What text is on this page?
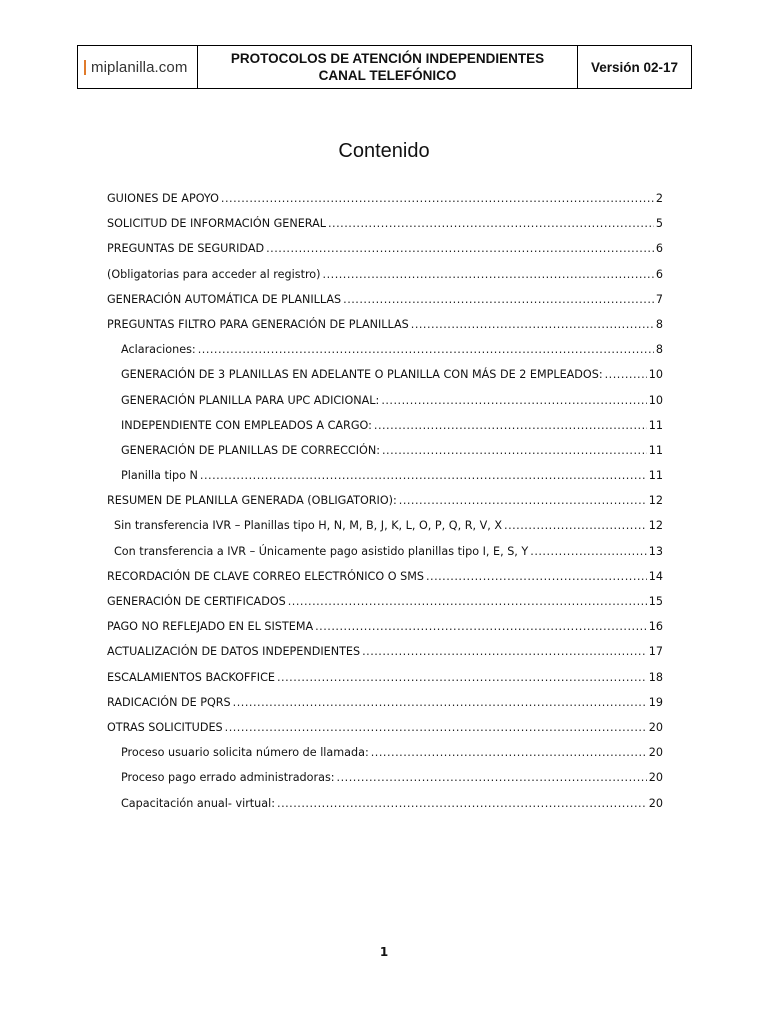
miplanilla.com	PROTOCOLOS DE ATENCIÓN INDEPENDIENTES
CANAL TELEFÓNICO
Versión 02-17
Contenido
GUIONES DE APOYO .....	2
SOLICITUD DE INFORMACIÓN GENERAL .....	5
PREGUNTAS DE SEGURIDAD .....	6
(Obligatorias para acceder al registro) .....	6
GENERACIÓN AUTOMÁTICA DE PLANILLAS .....	7
PREGUNTAS FILTRO PARA GENERACIÓN DE PLANILLAS .....	8
Aclaraciones: .....	8
GENERACIÓN DE 3 PLANILLAS EN ADELANTE O PLANILLA CON MÁS DE 2 EMPLEADOS: .....	10
GENERACIÓN PLANILLA PARA UPC ADICIONAL: .....	10
INDEPENDIENTE CON EMPLEADOS A CARGO: .....	11
GENERACIÓN DE PLANILLAS DE CORRECCIÓN: .....	11
Planilla tipo N .....	11
RESUMEN DE PLANILLA GENERADA (OBLIGATORIO): .....	12
Sin transferencia IVR – Planillas tipo H, N, M, B, J, K, L, O, P, Q, R, V, X .....	12
Con transferencia a IVR – Únicamente pago asistido planillas tipo I, E, S, Y .....	13
RECORDACIÓN DE CLAVE CORREO ELECTRÓNICO O SMS .....	14
GENERACIÓN DE CERTIFICADOS .....	15
PAGO NO REFLEJADO EN EL SISTEMA .....	16
ACTUALIZACIÓN DE DATOS INDEPENDIENTES .....	17
ESCALAMIENTOS BACKOFFICE .....	18
RADICACIÓN DE PQRS .....	19
OTRAS SOLICITUDES .....	20
Proceso usuario solicita número de llamada: .....	20
Proceso pago errado administradoras: .....	20
Capacitación anual- virtual: .....	20
1
